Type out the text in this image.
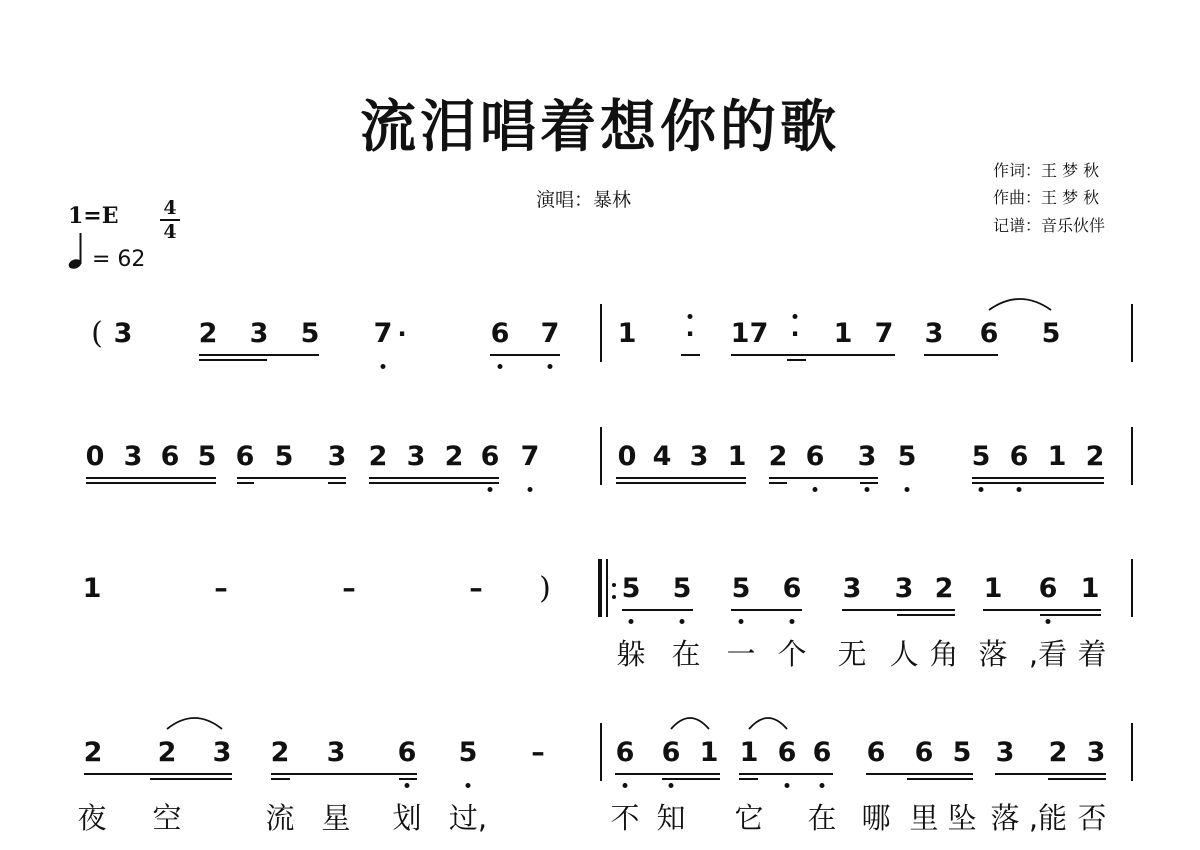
流泪唱着想你的歌
演唱：暴林
作词：王 梦 秋
作曲：王 梦 秋
记谱：音乐伙伴
1=E 4
4
= 62
( 3 2 3 5 7 ·	6 7 1 · 1 7 · 1 7 3 6 5
0 3 6 5 6 5 3 2 3 2 6 7	0 4 3 1 2 6 3 5 5 6 1 2
1	–	–	– )	5 5 5 6 3 3 2 1 6 1
躲 在 一 个 无 人 角 落 ,看 着
2 2 3 2 3 6 5 –	6 6 1 1 6 6 6 6 5 3 2 3
夜 空	流 星 划 过,	不 知 它 在 哪 里 坠 落 ,能 否
